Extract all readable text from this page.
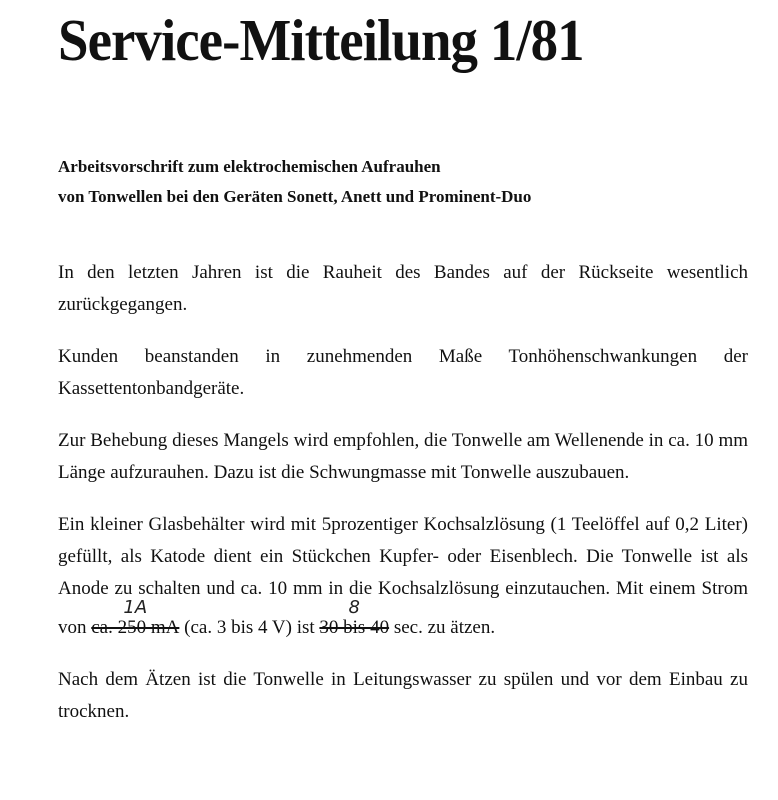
Service-Mitteilung 1/81
Arbeitsvorschrift zum elektrochemischen Aufrauhen
von Tonwellen bei den Geräten Sonett, Anett und Prominent-Duo
In den letzten Jahren ist die Rauheit des Bandes auf der Rückseite wesentlich zurückgegangen.
Kunden beanstanden in zunehmenden Maße Tonhöhenschwankungen der Kassettentonbandgeräte.
Zur Behebung dieses Mangels wird empfohlen, die Tonwelle am Wellenende in ca. 10 mm Länge aufzurauhen. Dazu ist die Schwungmasse mit Tonwelle auszubauen.
Ein kleiner Glasbehälter wird mit 5prozentiger Kochsalzlösung (1 Teelöffel auf 0,2 Liter) gefüllt, als Katode dient ein Stückchen Kupfer- oder Eisenblech. Die Tonwelle ist als Anode zu schalten und ca. 10 mm in die Kochsalzlösung einzutauchen. Mit einem Strom von ca. 250 mA1A (ca. 3 bis 4 V) ist 30 bis 408 sec. zu ätzen.
Nach dem Ätzen ist die Tonwelle in Leitungswasser zu spülen und vor dem Einbau zu trocknen.
